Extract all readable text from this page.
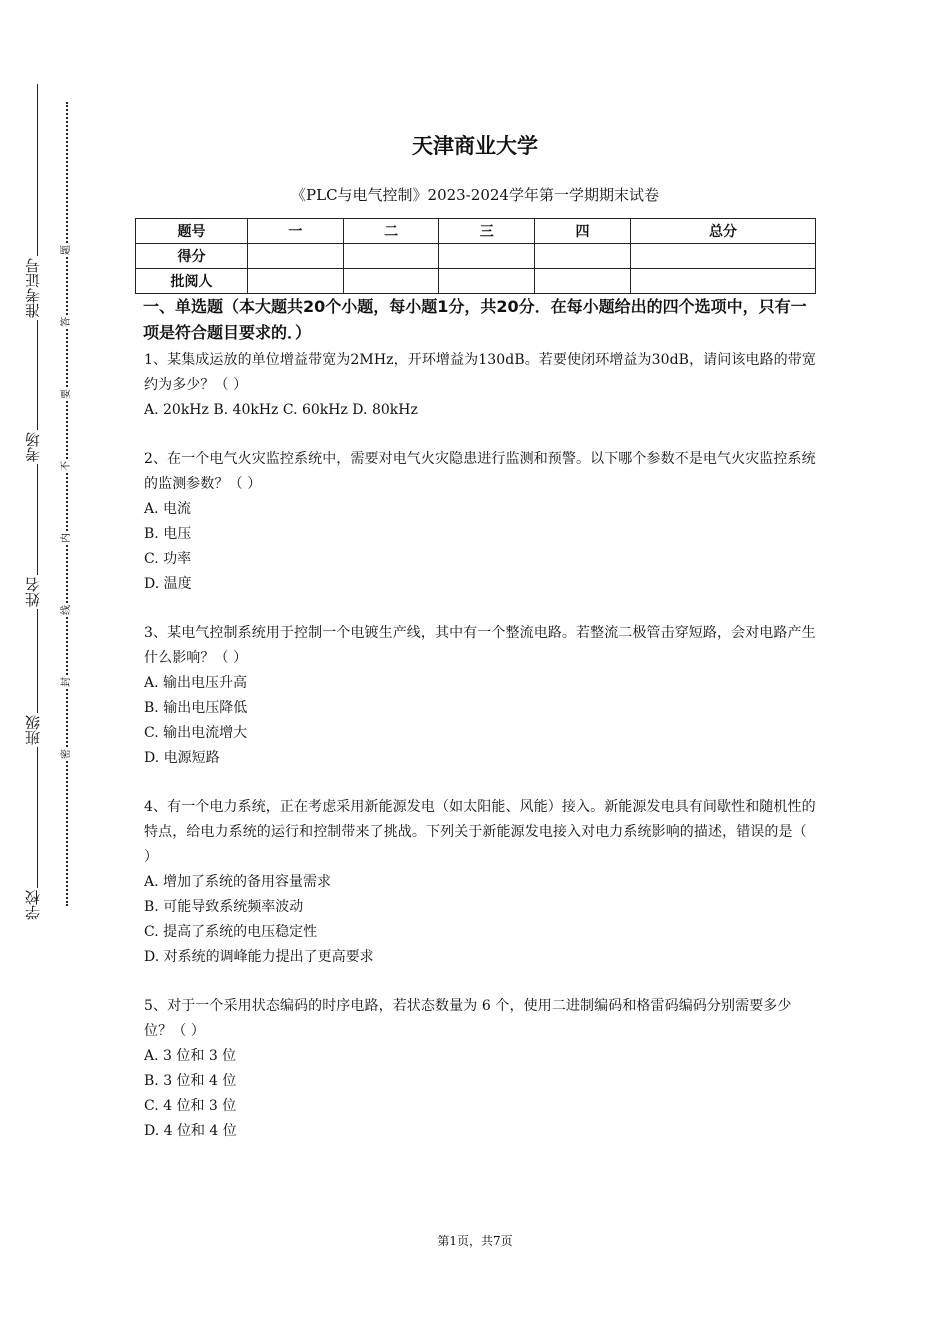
准考证号
考场
姓名
班级
学校
题
答
要
不
内
线
封
密
天津商业大学
《PLC与电气控制》2023-2024学年第一学期期末试卷
题号	一	二	三	四	总分
得分					
批阅人					
一、单选题（本大题共20个小题，每小题1分，共20分．在每小题给出的四个选项中，只有一项是符合题目要求的．）
1、某集成运放的单位增益带宽为2MHz，开环增益为130dB。若要使闭环增益为30dB，请问该电路的带宽约为多少？（ ）
A. 20kHz B. 40kHz C. 60kHz D. 80kHz
2、在一个电气火灾监控系统中，需要对电气火灾隐患进行监测和预警。以下哪个参数不是电气火灾监控系统的监测参数？（ ）
A. 电流
B. 电压
C. 功率
D. 温度
3、某电气控制系统用于控制一个电镀生产线，其中有一个整流电路。若整流二极管击穿短路，会对电路产生什么影响？（ ）
A. 输出电压升高
B. 输出电压降低
C. 输出电流增大
D. 电源短路
4、有一个电力系统，正在考虑采用新能源发电（如太阳能、风能）接入。新能源发电具有间歇性和随机性的特点，给电力系统的运行和控制带来了挑战。下列关于新能源发电接入对电力系统影响的描述，错误的是（ ）
A. 增加了系统的备用容量需求
B. 可能导致系统频率波动
C. 提高了系统的电压稳定性
D. 对系统的调峰能力提出了更高要求
5、对于一个采用状态编码的时序电路，若状态数量为 6 个，使用二进制编码和格雷码编码分别需要多少位？（ ）
A. 3 位和 3 位
B. 3 位和 4 位
C. 4 位和 3 位
D. 4 位和 4 位
第1页，共7页
